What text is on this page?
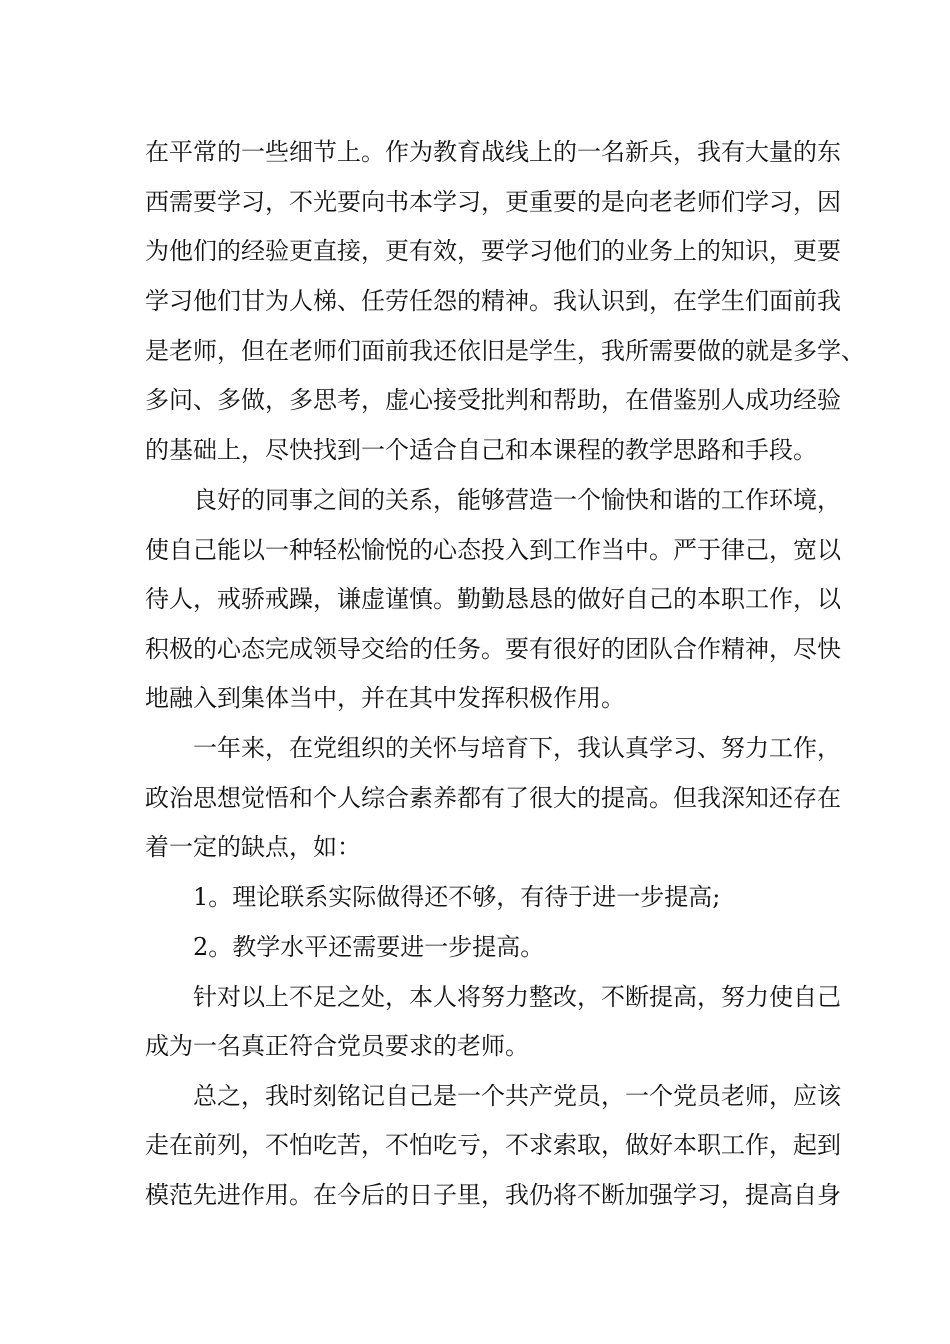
在平常的一些细节上。作为教育战线上的一名新兵，我有大量的东

西需要学习，不光要向书本学习，更重要的是向老老师们学习，因

为他们的经验更直接，更有效，要学习他们的业务上的知识，更要

学习他们甘为人梯、任劳任怨的精神。我认识到，在学生们面前我

是老师，但在老师们面前我还依旧是学生，我所需要做的就是多学、

多问、多做，多思考，虚心接受批判和帮助，在借鉴别人成功经验

的基础上，尽快找到一个适合自己和本课程的教学思路和手段。

良好的同事之间的关系，能够营造一个愉快和谐的工作环境，

使自己能以一种轻松愉悦的心态投入到工作当中。严于律己，宽以

待人，戒骄戒躁，谦虚谨慎。勤勤恳恳的做好自己的本职工作，以

积极的心态完成领导交给的任务。要有很好的团队合作精神，尽快

地融入到集体当中，并在其中发挥积极作用。

一年来，在党组织的关怀与培育下，我认真学习、努力工作，

政治思想觉悟和个人综合素养都有了很大的提高。但我深知还存在

着一定的缺点，如：

1。理论联系实际做得还不够，有待于进一步提高;

2。教学水平还需要进一步提高。

针对以上不足之处，本人将努力整改，不断提高，努力使自己

成为一名真正符合党员要求的老师。

总之，我时刻铭记自己是一个共产党员，一个党员老师，应该

走在前列，不怕吃苦，不怕吃亏，不求索取，做好本职工作，起到

模范先进作用。在今后的日子里，我仍将不断加强学习，提高自身
